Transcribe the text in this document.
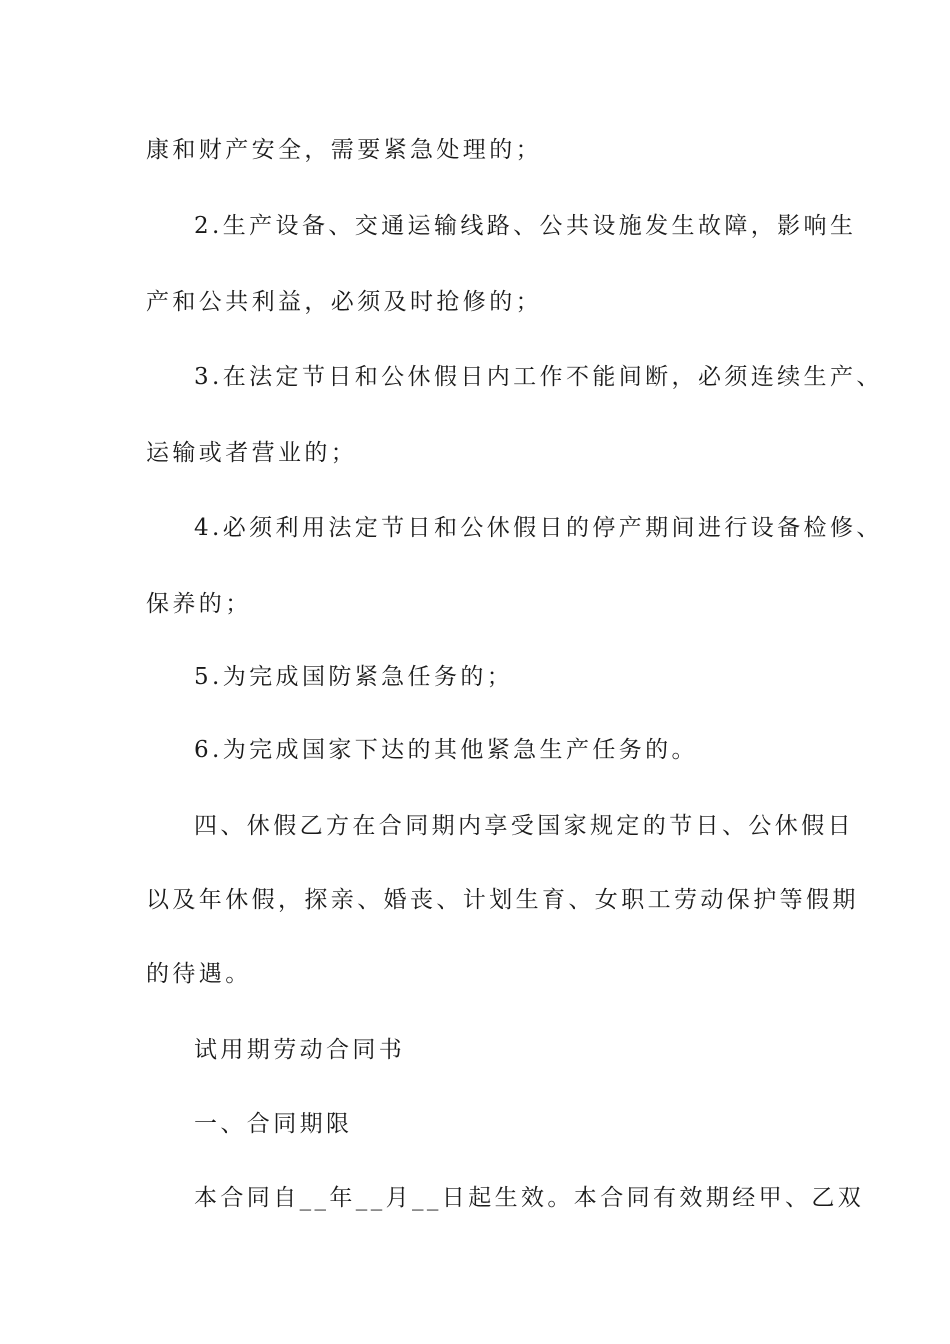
康和财产安全，需要紧急处理的；
2.生产设备、交通运输线路、公共设施发生故障，影响生
产和公共利益，必须及时抢修的；
3.在法定节日和公休假日内工作不能间断，必须连续生产、
运输或者营业的；
4.必须利用法定节日和公休假日的停产期间进行设备检修、
保养的；
5.为完成国防紧急任务的；
6.为完成国家下达的其他紧急生产任务的。
四、休假乙方在合同期内享受国家规定的节日、公休假日
以及年休假，探亲、婚丧、计划生育、女职工劳动保护等假期
的待遇。
试用期劳动合同书
一、合同期限
本合同自__年__月__日起生效。本合同有效期经甲、乙双
